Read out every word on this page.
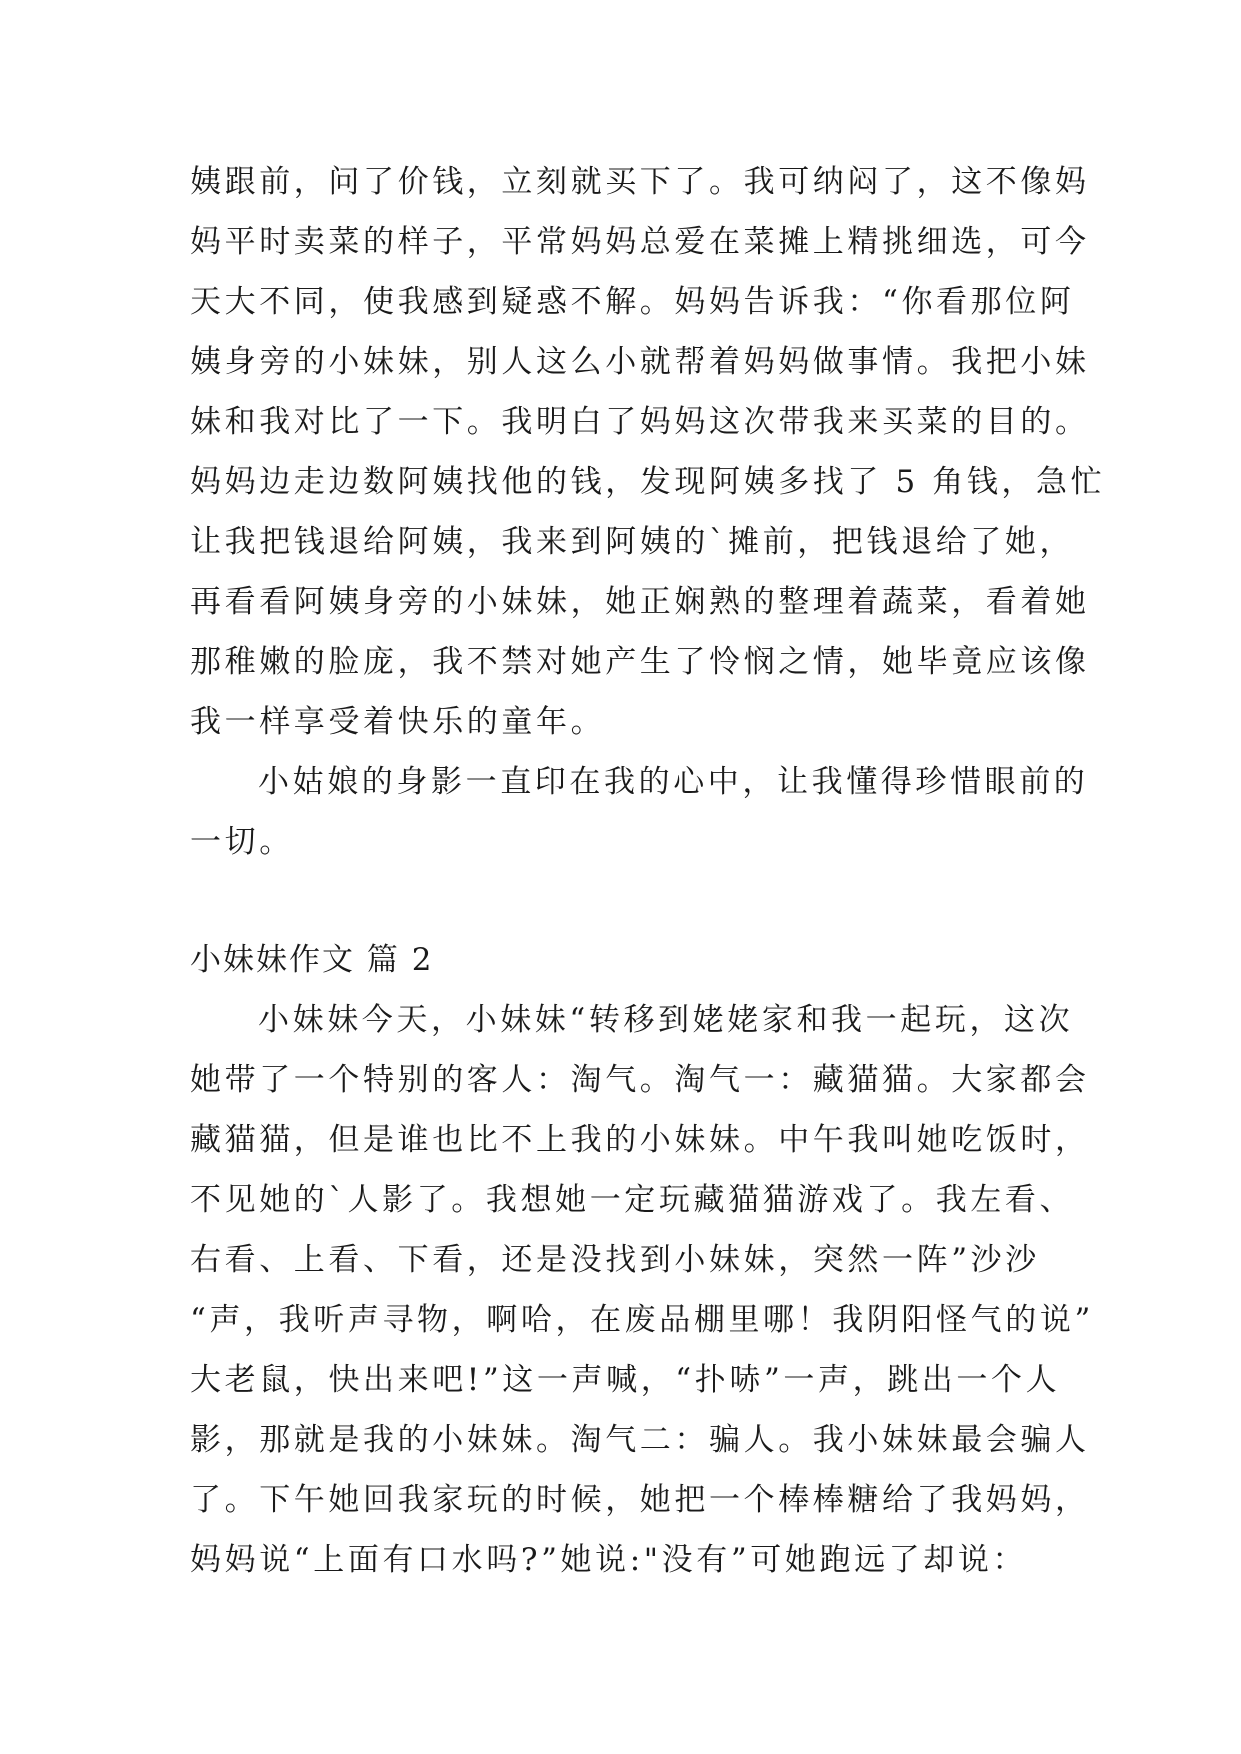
姨跟前，问了价钱，立刻就买下了。我可纳闷了，这不像妈
妈平时卖菜的样子，平常妈妈总爱在菜摊上精挑细选，可今
天大不同，使我感到疑惑不解。妈妈告诉我：“你看那位阿
姨身旁的小妹妹，别人这么小就帮着妈妈做事情。我把小妹
妹和我对比了一下。我明白了妈妈这次带我来买菜的目的。
妈妈边走边数阿姨找他的钱，发现阿姨多找了 5 角钱，急忙
让我把钱退给阿姨，我来到阿姨的`摊前，把钱退给了她，
再看看阿姨身旁的小妹妹，她正娴熟的整理着蔬菜，看着她
那稚嫩的脸庞，我不禁对她产生了怜悯之情，她毕竟应该像
我一样享受着快乐的童年。
小姑娘的身影一直印在我的心中，让我懂得珍惜眼前的
一切。
小妹妹作文 篇 2
小妹妹今天，小妹妹“转移到姥姥家和我一起玩，这次
她带了一个特别的客人：淘气。淘气一：藏猫猫。大家都会
藏猫猫，但是谁也比不上我的小妹妹。中午我叫她吃饭时，
不见她的`人影了。我想她一定玩藏猫猫游戏了。我左看、
右看、上看、下看，还是没找到小妹妹，突然一阵”沙沙
“声，我听声寻物，啊哈，在废品棚里哪！我阴阳怪气的说”
大老鼠，快出来吧!”这一声喊，“扑哧”一声，跳出一个人
影，那就是我的小妹妹。淘气二：骗人。我小妹妹最会骗人
了。下午她回我家玩的时候，她把一个棒棒糖给了我妈妈，
妈妈说“上面有口水吗?”她说:"没有”可她跑远了却说：
